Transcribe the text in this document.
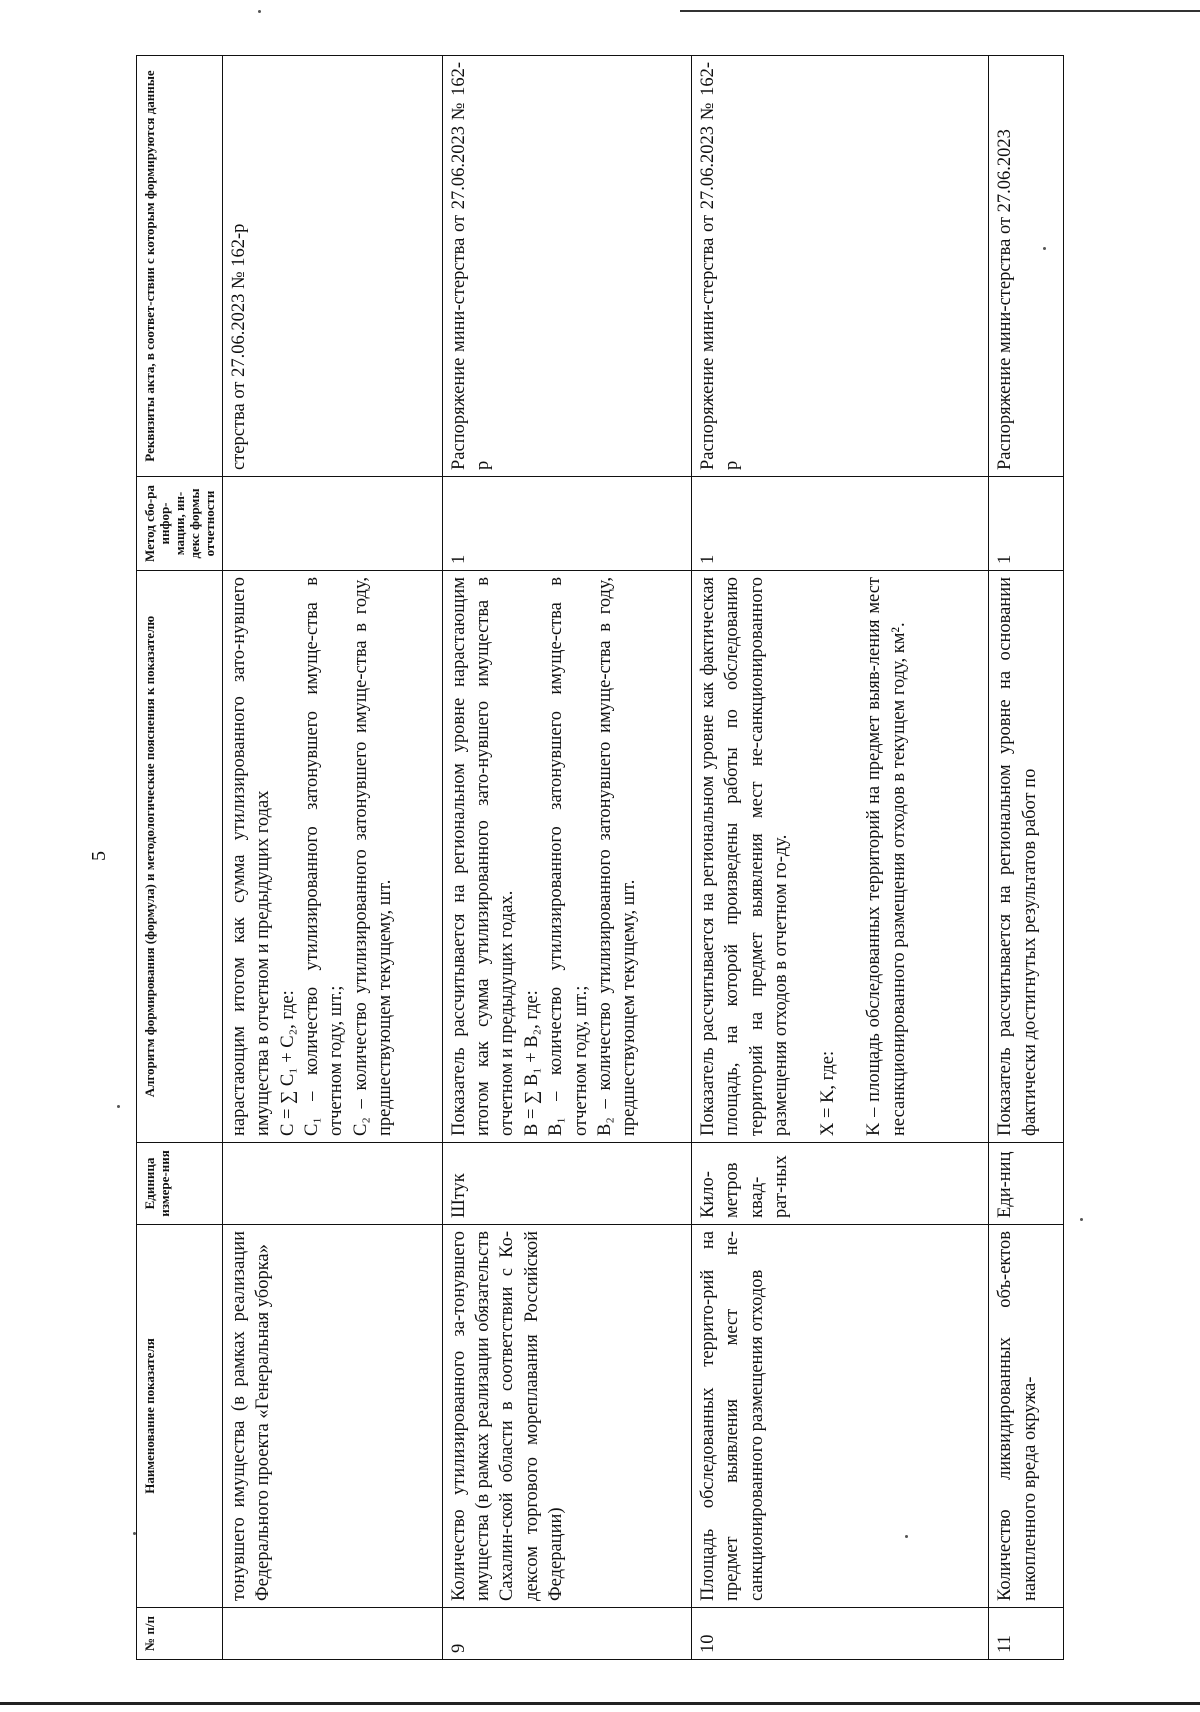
5
№ п/п	Наименование показателя	Единица измере-ния	Алгоритм формирования (формула) и методологические пояснения к показателю	Метод сбо-ра инфор-мации, ин-декс формы отчетности	Реквизиты акта, в соответ-ствии с которым формируются данные
	тонувшего имущества (в рамках реализации Федерального проекта «Генеральная уборка»		нарастающим итогом как сумма утилизированного зато-нувшего имущества в отчетном и предыдущих годах C = ∑ C₁ + C₂, где: C₁ – количество утилизированного затонувшего имуще-ства в отчетном году, шт.; C₂ – количество утилизированного затонувшего имуще-ства в году, предшествующем текущему, шт.		стерства от 27.06.2023 № 162-р
9	Количество утилизированного за-тонувшего имущества (в рамках реализации обязательств Сахалин-ской области в соответствии с Ко-дексом торгового мореплавания Российской Федерации)	Штук	Показатель рассчитывается на региональном уровне нарастающим итогом как сумма утилизированного зато-нувшего имущества в отчетном и предыдущих годах. B = ∑ B₁ + B₂, где: B₁ – количество утилизированного затонувшего имуще-ства в отчетном году, шт.; B₂ – количество утилизированного затонувшего имуще-ства в году, предшествующем текущему, шт.	1	Распоряжение мини-стерства от 27.06.2023 № 162-р
10	Площадь обследованных террито-рий на предмет выявления мест не-санкционированного размещения отходов	Кило-метров квад-рат-ных	Показатель рассчитывается на региональном уровне как фактическая площадь, на которой произведены работы по обследованию территорий на предмет выявления мест не-санкционированного размещения отходов в отчетном го-ду. X = K, где: K – площадь обследованных территорий на предмет выяв-ления мест несанкционированного размещения отходов в текущем году, км².	1	Распоряжение мини-стерства от 27.06.2023 № 162-р
11	Количество ликвидированных объ-ектов накопленного вреда окружа-	Еди-ниц	Показатель рассчитывается на региональном уровне на основании фактически достигнутых результатов работ по	1	Распоряжение мини-стерства от 27.06.2023
